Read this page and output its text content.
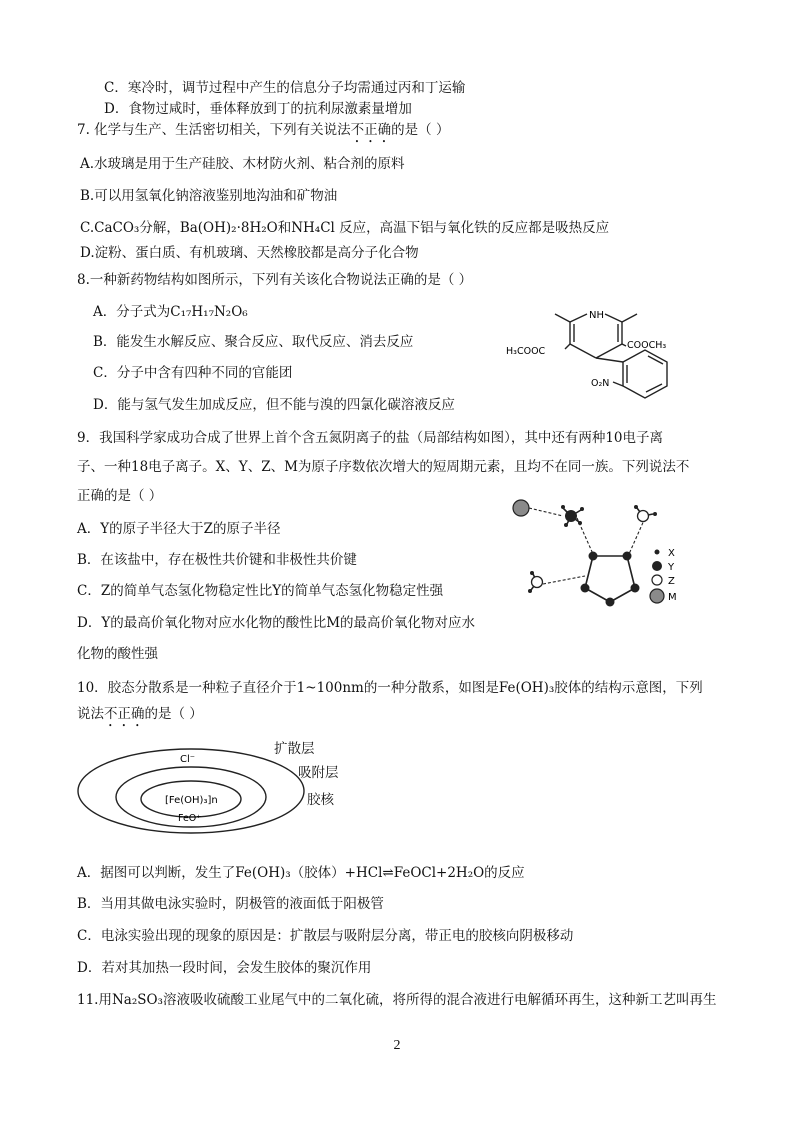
C．寒冷时，调节过程中产生的信息分子均需通过丙和丁运输
D．食物过咸时，垂体释放到丁的抗利尿激素量增加
7. 化学与生产、生活密切相关，下列有关说法不正确的是（ ）
A.水玻璃是用于生产硅胶、木材防火剂、粘合剂的原料
B.可以用氢氧化钠溶液鉴别地沟油和矿物油
C.CaCO₃分解，Ba(OH)₂·8H₂O和NH₄Cl 反应，高温下铝与氧化铁的反应都是吸热反应
D.淀粉、蛋白质、有机玻璃、天然橡胶都是高分子化合物
8.一种新药物结构如图所示，下列有关该化合物说法正确的是（ ）
A．分子式为C₁₇H₁₇N₂O₆
B．能发生水解反应、聚合反应、取代反应、消去反应
C．分子中含有四种不同的官能团
D．能与氢气发生加成反应，但不能与溴的四氯化碳溶液反应
NH
H₃COOC
COOCH₃
O₂N
9．我国科学家成功合成了世界上首个含五氮阴离子的盐（局部结构如图），其中还有两种10电子离
子、一种18电子离子。X、Y、Z、M为原子序数依次增大的短周期元素，且均不在同一族。下列说法不
正确的是（ ）
A．Y的原子半径大于Z的原子半径
B．在该盐中，存在极性共价键和非极性共价键
C．Z的简单气态氢化物稳定性比Y的简单气态氢化物稳定性强
D．Y的最高价氧化物对应水化物的酸性比M的最高价氧化物对应水
化物的酸性强
X
Y
Z
M
10．胶态分散系是一种粒子直径介于1~100nm的一种分散系，如图是Fe(OH)₃胶体的结构示意图，下列
说法不正确的是（ ）
Cl⁻
[Fe(OH)₃]n
FeO⁺
扩散层
吸附层
胶核
A．据图可以判断，发生了Fe(OH)₃（胶体）+HCl⇌FeOCl+2H₂O的反应
B．当用其做电泳实验时，阴极管的液面低于阳极管
C．电泳实验出现的现象的原因是：扩散层与吸附层分离，带正电的胶核向阴极移动
D．若对其加热一段时间，会发生胶体的聚沉作用
11.用Na₂SO₃溶液吸收硫酸工业尾气中的二氧化硫，将所得的混合液进行电解循环再生，这种新工艺叫再生
2
